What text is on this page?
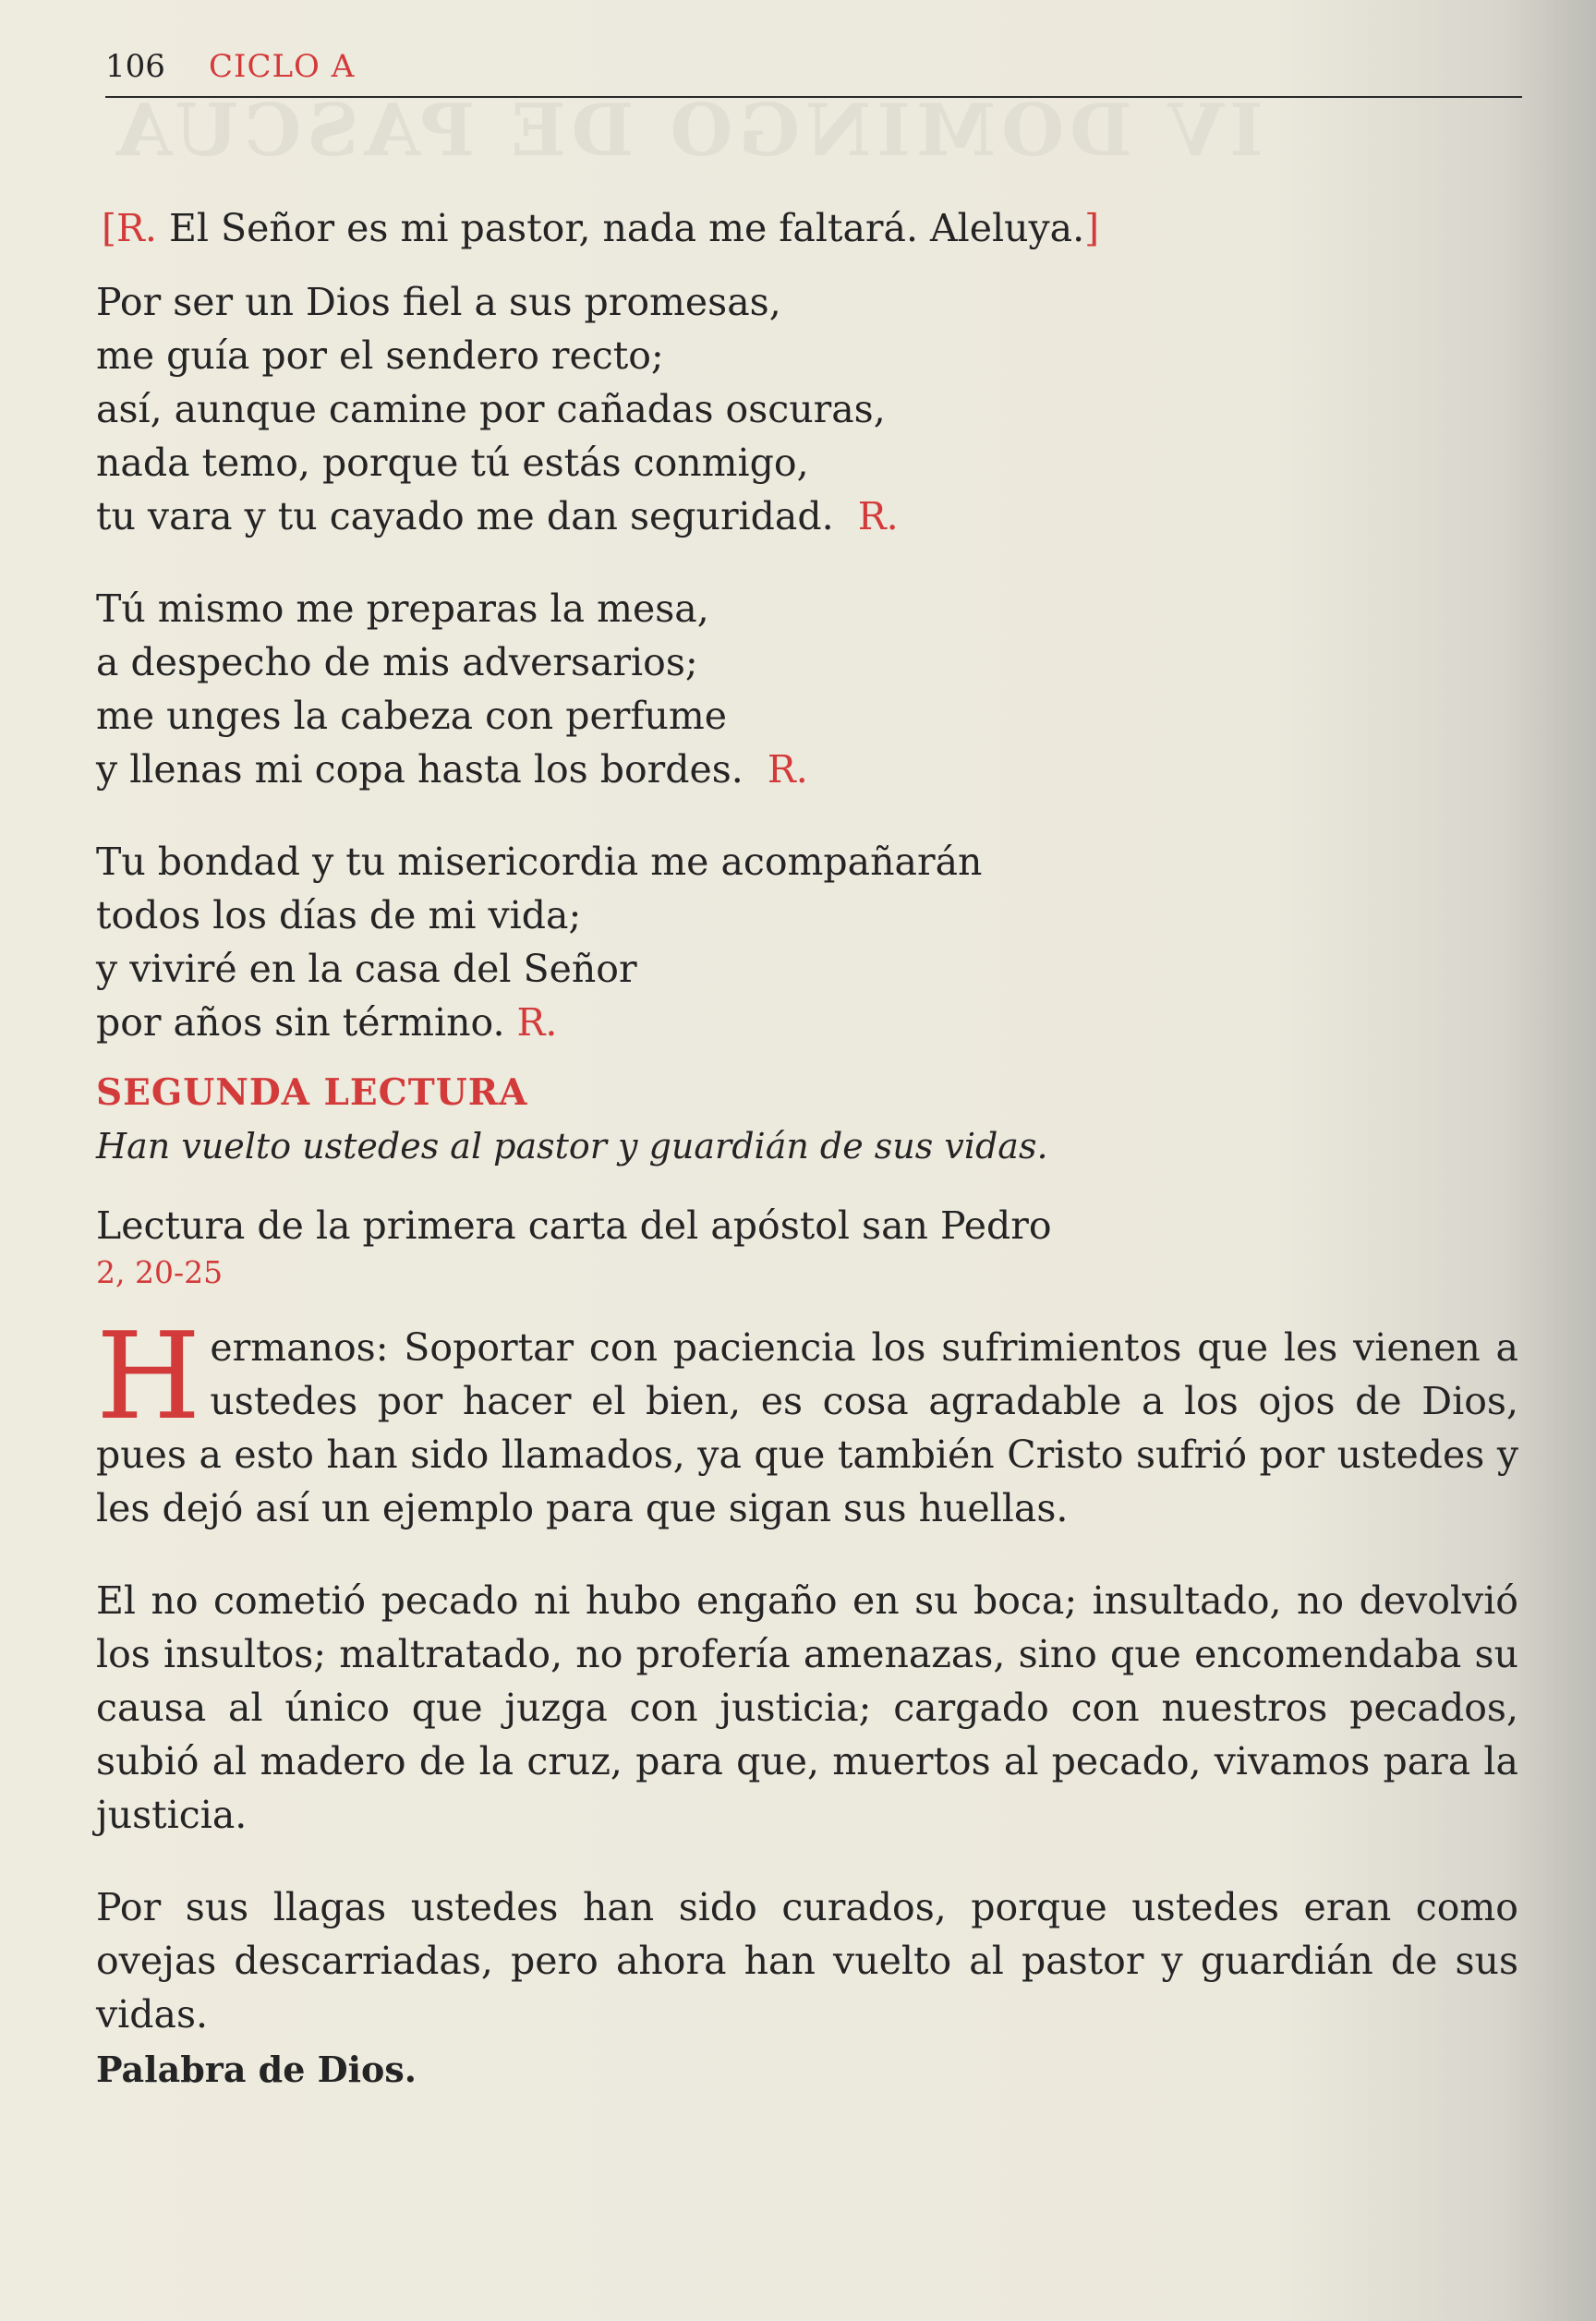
IV DOMINGO DE PASCUA
106 CICLO A
[R. El Señor es mi pastor, nada me faltará. Aleluya.]
Por ser un Dios fiel a sus promesas,
me guía por el sendero recto;
así, aunque camine por cañadas oscuras,
nada temo, porque tú estás conmigo,
tu vara y tu cayado me dan seguridad. R.
Tú mismo me preparas la mesa,
a despecho de mis adversarios;
me unges la cabeza con perfume
y llenas mi copa hasta los bordes. R.
Tu bondad y tu misericordia me acompañarán
todos los días de mi vida;
y viviré en la casa del Señor
por años sin término. R.
SEGUNDA LECTURA
Han vuelto ustedes al pastor y guardián de sus vidas.
Lectura de la primera carta del apóstol san Pedro
2, 20-25

Hermanos: Soportar con paciencia los sufrimientos que les vienen a ustedes por hacer el bien, es cosa agradable a los ojos de Dios, pues a esto han sido llamados, ya que también Cristo sufrió por ustedes y les dejó así un ejemplo para que sigan sus huellas.

El no cometió pecado ni hubo engaño en su boca; insultado, no devolvió los insultos; maltratado, no profería amenazas, sino que encomendaba su causa al único que juzga con justicia; cargado con nuestros pecados, subió al madero de la cruz, para que, muertos al pecado, vivamos para la justicia.

Por sus llagas ustedes han sido curados, porque ustedes eran como ovejas descarriadas, pero ahora han vuelto al pastor y guardián de sus vidas.

Palabra de Dios.
